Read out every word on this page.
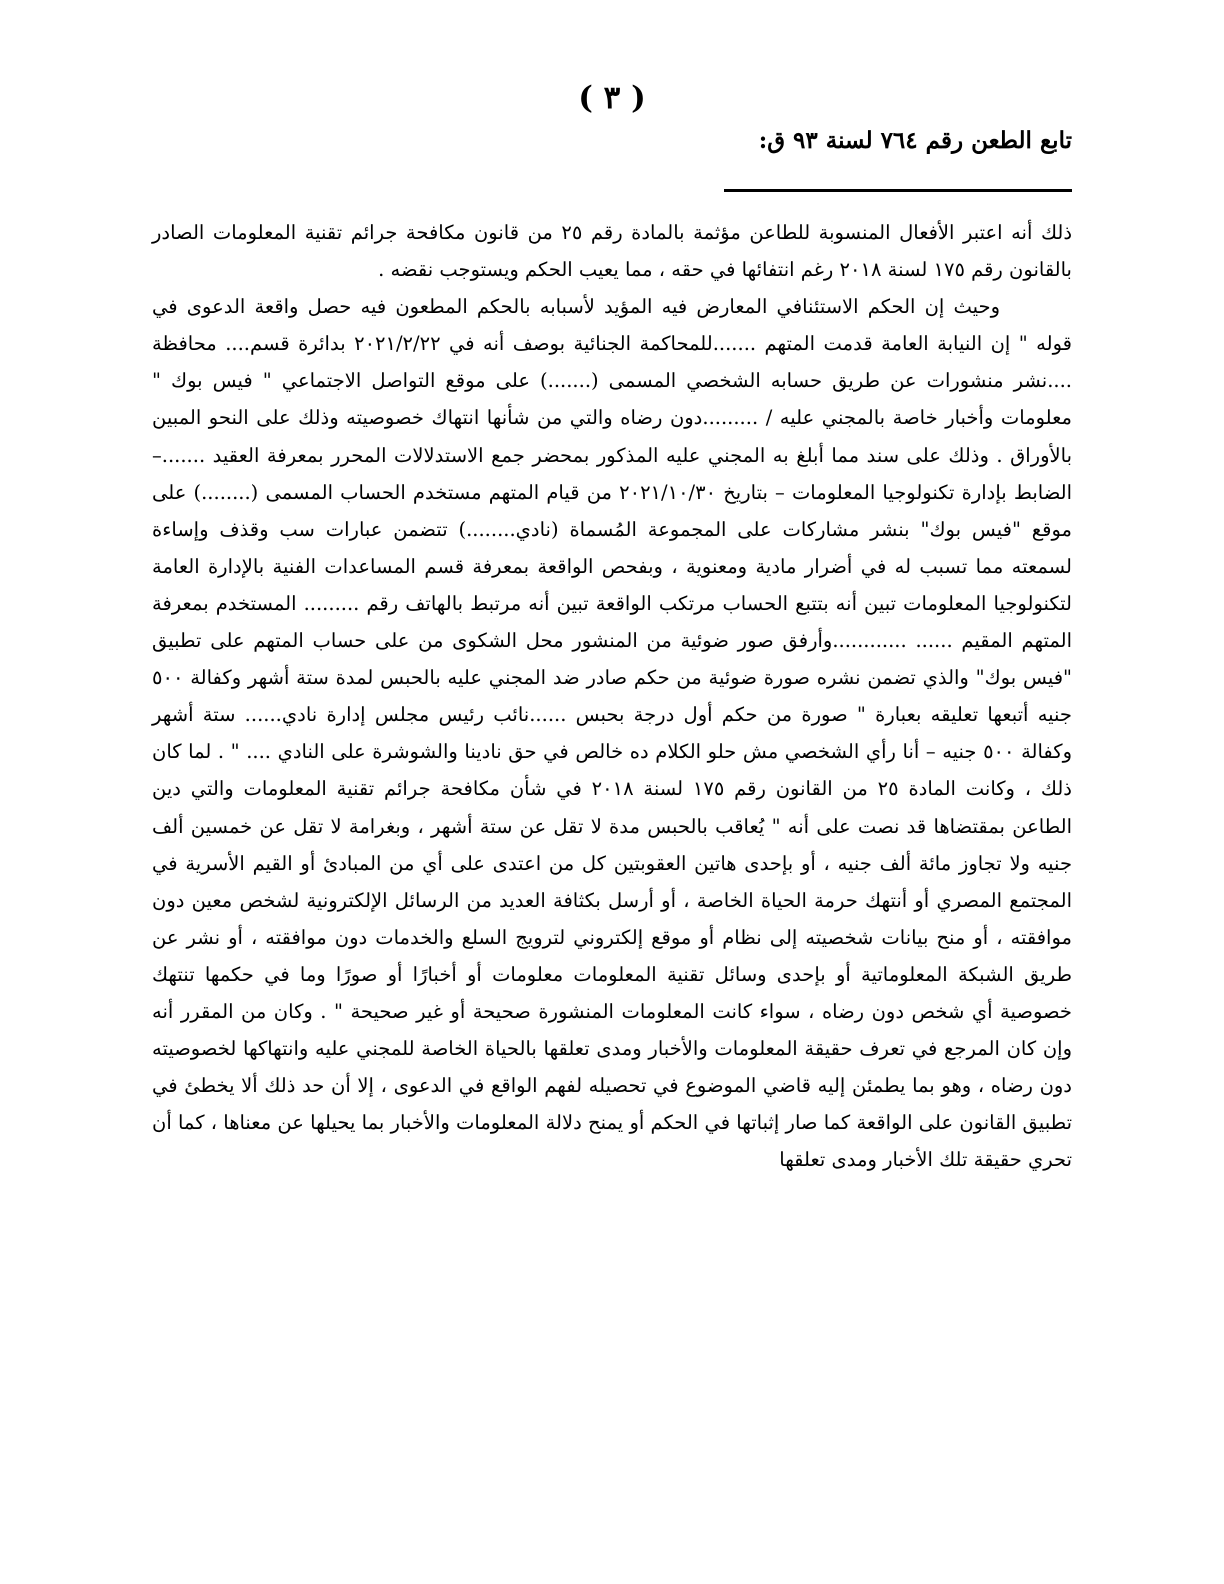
( ٣ )
تابع الطعن رقم ٧٦٤ لسنة ٩٣ ق:

ذلك أنه اعتبر الأفعال المنسوبة للطاعن مؤثمة بالمادة رقم ٢٥ من قانون مكافحة جرائم تقنية المعلومات الصادر بالقانون رقم ١٧٥ لسنة ٢٠١٨ رغم انتفائها في حقه ، مما يعيب الحكم ويستوجب نقضه .

وحيث إن الحكم الاستئنافي المعارض فيه المؤيد لأسبابه بالحكم المطعون فيه حصل واقعة الدعوى في قوله " إن النيابة العامة قدمت المتهم .......للمحاكمة الجنائية بوصف أنه في ٢٠٢١/٢/٢٢ بدائرة قسم.... محافظة ....نشر منشورات عن طريق حسابه الشخصي المسمى (.......) على موقع التواصل الاجتماعي " فيس بوك " معلومات وأخبار خاصة بالمجني عليه / .........دون رضاه والتي من شأنها انتهاك خصوصيته وذلك على النحو المبين بالأوراق . وذلك على سند مما أبلغ به المجني عليه المذكور بمحضر جمع الاستدلالات المحرر بمعرفة العقيد .......– الضابط بإدارة تكنولوجيا المعلومات – بتاريخ ٢٠٢١/١٠/٣٠ من قيام المتهم مستخدم الحساب المسمى (........) على موقع "فيس بوك" بنشر مشاركات على المجموعة المُسماة (نادي........) تتضمن عبارات سب وقذف وإساءة لسمعته مما تسبب له في أضرار مادية ومعنوية ، وبفحص الواقعة بمعرفة قسم المساعدات الفنية بالإدارة العامة لتكنولوجيا المعلومات تبين أنه بتتبع الحساب مرتكب الواقعة تبين أنه مرتبط بالهاتف رقم ......... المستخدم بمعرفة المتهم المقيم ...... ............وأرفق صور ضوئية من المنشور محل الشكوى من على حساب المتهم على تطبيق "فيس بوك" والذي تضمن نشره صورة ضوئية من حكم صادر ضد المجني عليه بالحبس لمدة ستة أشهر وكفالة ٥٠٠ جنيه أتبعها تعليقه بعبارة " صورة من حكم أول درجة بحبس ......نائب رئيس مجلس إدارة نادي...... ستة أشهر وكفالة ٥٠٠ جنيه – أنا رأي الشخصي مش حلو الكلام ده خالص في حق نادينا والشوشرة على النادي .... " . لما كان ذلك ، وكانت المادة ٢٥ من القانون رقم ١٧٥ لسنة ٢٠١٨ في شأن مكافحة جرائم تقنية المعلومات والتي دين الطاعن بمقتضاها قد نصت على أنه " يُعاقب بالحبس مدة لا تقل عن ستة أشهر ، وبغرامة لا تقل عن خمسين ألف جنيه ولا تجاوز مائة ألف جنيه ، أو بإحدى هاتين العقوبتين كل من اعتدى على أي من المبادئ أو القيم الأسرية في المجتمع المصري أو أنتهك حرمة الحياة الخاصة ، أو أرسل بكثافة العديد من الرسائل الإلكترونية لشخص معين دون موافقته ، أو منح بيانات شخصيته إلى نظام أو موقع إلكتروني لترويج السلع والخدمات دون موافقته ، أو نشر عن طريق الشبكة المعلوماتية أو بإحدى وسائل تقنية المعلومات معلومات أو أخبارًا أو صورًا وما في حكمها تنتهك خصوصية أي شخص دون رضاه ، سواء كانت المعلومات المنشورة صحيحة أو غير صحيحة " . وكان من المقرر أنه وإن كان المرجع في تعرف حقيقة المعلومات والأخبار ومدى تعلقها بالحياة الخاصة للمجني عليه وانتهاكها لخصوصيته دون رضاه ، وهو بما يطمئن إليه قاضي الموضوع في تحصيله لفهم الواقع في الدعوى ، إلا أن حد ذلك ألا يخطئ في تطبيق القانون على الواقعة كما صار إثباتها في الحكم أو يمنح دلالة المعلومات والأخبار بما يحيلها عن معناها ، كما أن تحري حقيقة تلك الأخبار ومدى تعلقها
